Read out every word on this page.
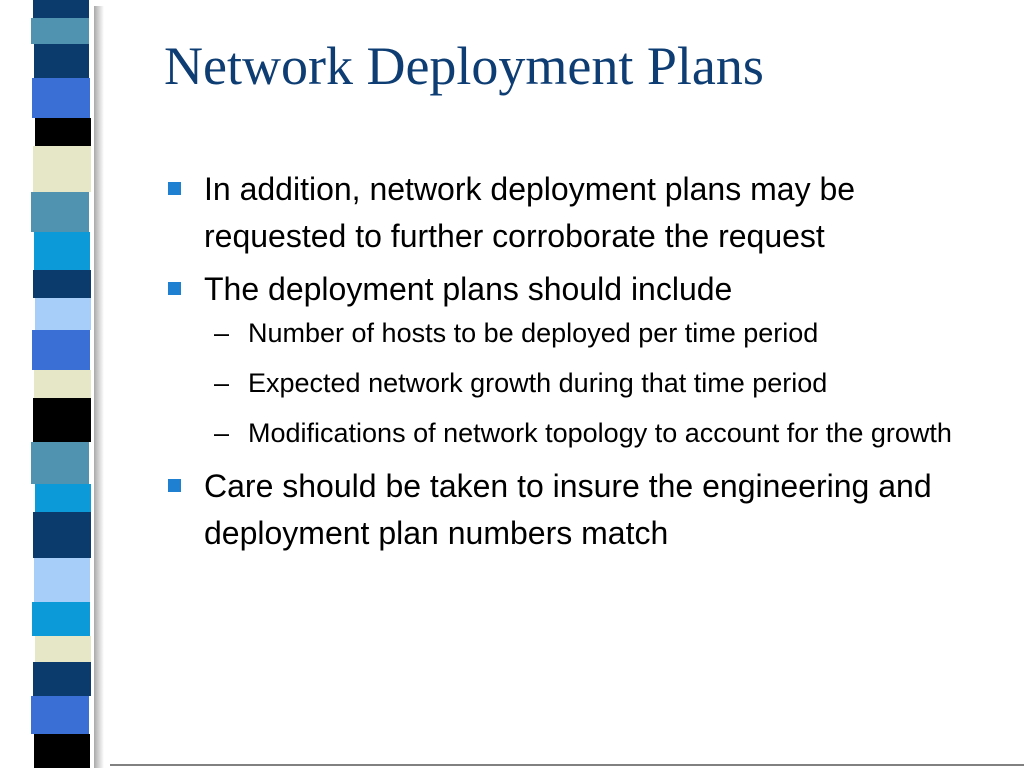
Network Deployment Plans
In addition, network deployment plans may be requested to further corroborate the request
The deployment plans should include
– Number of hosts to be deployed per time period
– Expected network growth during that time period
– Modifications of network topology to account for the growth
Care should be taken to insure the engineering and deployment plan numbers match
